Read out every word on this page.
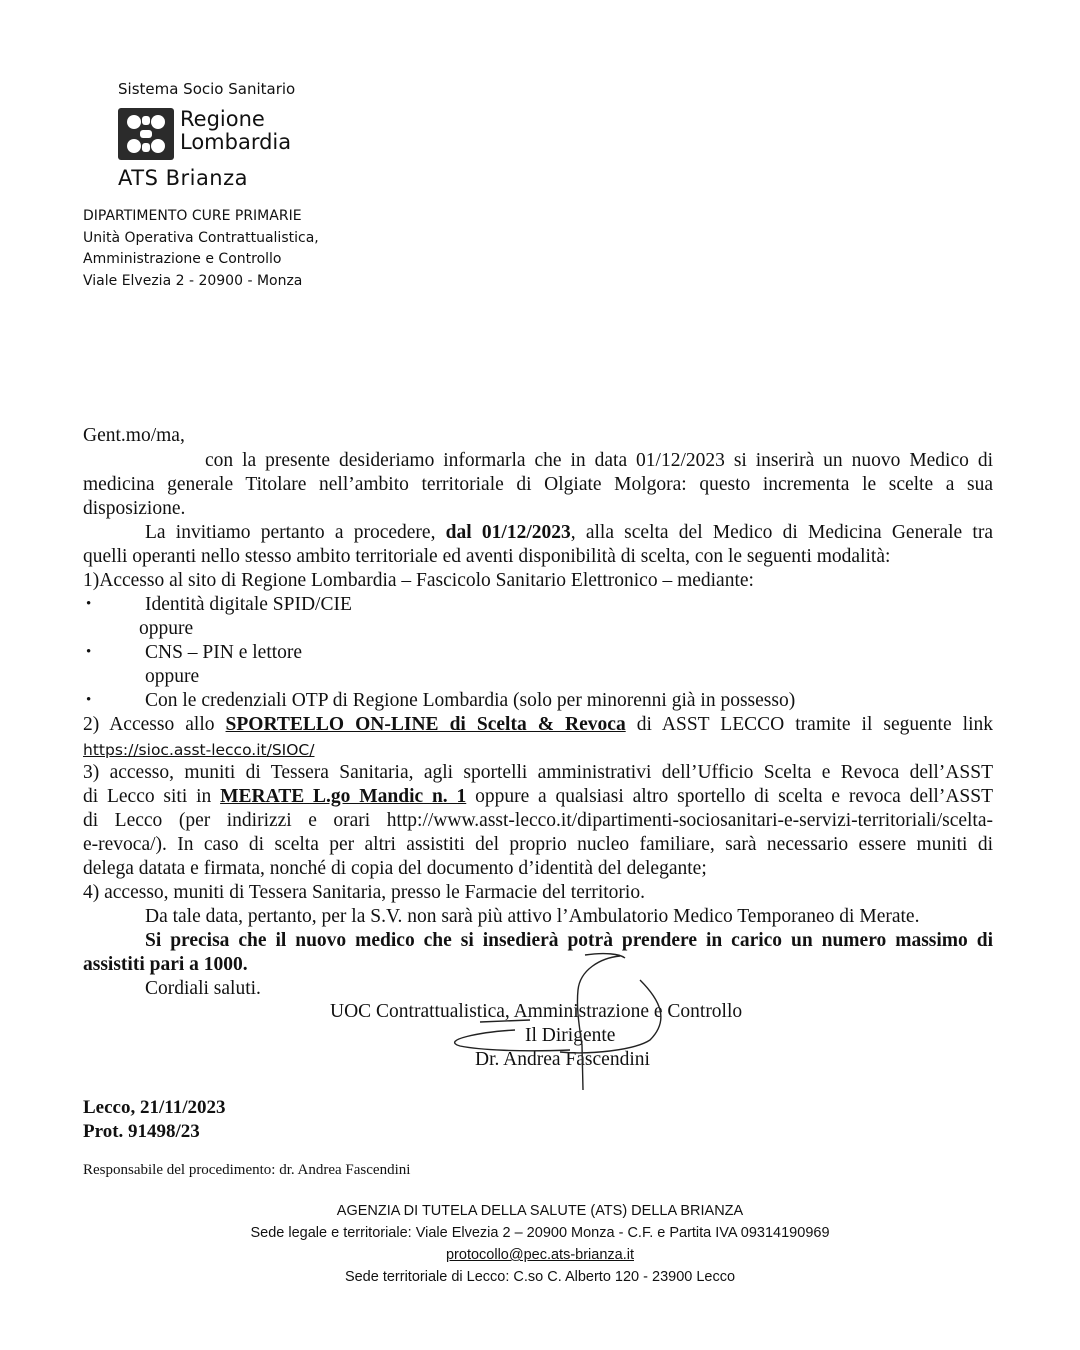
Sistema Socio Sanitario
Regione
Lombardia
ATS Brianza
DIPARTIMENTO CURE PRIMARIE
Unità Operativa Contrattualistica,
Amministrazione e Controllo
Viale Elvezia 2 - 20900 - Monza
Gent.mo/ma,
con la presente desideriamo informarla che in data 01/12/2023 si inserirà un nuovo Medico di
medicina generale Titolare nell’ambito territoriale di Olgiate Molgora: questo incrementa le scelte a sua
disposizione.
La invitiamo pertanto a procedere, dal 01/12/2023, alla scelta del Medico di Medicina Generale tra
quelli operanti nello stesso ambito territoriale ed aventi disponibilità di scelta, con le seguenti modalità:
1)Accesso al sito di Regione Lombardia – Fascicolo Sanitario Elettronico – mediante:
•	Identità digitale SPID/CIE
oppure
•	CNS – PIN e lettore
oppure
•	Con le credenziali OTP di Regione Lombardia (solo per minorenni già in possesso)
2) Accesso allo SPORTELLO ON-LINE di Scelta & Revoca di ASST LECCO tramite il seguente link
https://sioc.asst-lecco.it/SIOC/
3) accesso, muniti di Tessera Sanitaria, agli sportelli amministrativi dell’Ufficio Scelta e Revoca dell’ASST
di Lecco siti in MERATE L.go Mandic n. 1 oppure a qualsiasi altro sportello di scelta e revoca dell’ASST
di Lecco (per indirizzi e orari http://www.asst-lecco.it/dipartimenti-sociosanitari-e-servizi-territoriali/scelta-
e-revoca/). In caso di scelta per altri assistiti del proprio nucleo familiare, sarà necessario essere muniti di
delega datata e firmata, nonché di copia del documento d’identità del delegante;
4) accesso, muniti di Tessera Sanitaria, presso le Farmacie del territorio.
Da tale data, pertanto, per la S.V. non sarà più attivo l’Ambulatorio Medico Temporaneo di Merate.
Si precisa che il nuovo medico che si insedierà potrà prendere in carico un numero massimo di
assistiti pari a 1000.
Cordiali saluti.
UOC Contrattualistica, Amministrazione e Controllo
Il Dirigente
Dr. Andrea Fascendini
Lecco, 21/11/2023
Prot. 91498/23
Responsabile del procedimento: dr. Andrea Fascendini
AGENZIA DI TUTELA DELLA SALUTE (ATS) DELLA BRIANZA
Sede legale e territoriale: Viale Elvezia 2 – 20900 Monza - C.F. e Partita IVA 09314190969
protocollo@pec.ats-brianza.it
Sede territoriale di Lecco: C.so C. Alberto 120 - 23900 Lecco
